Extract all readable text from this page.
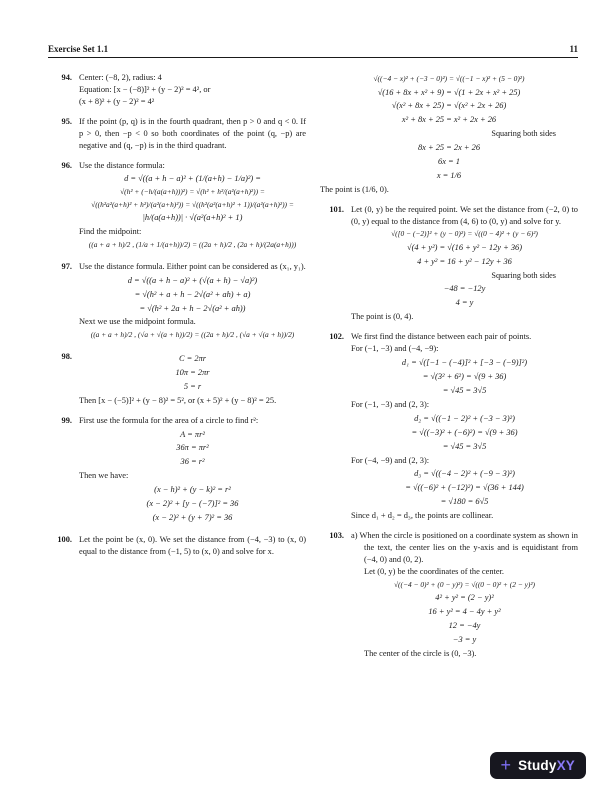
Exercise Set 1.1	11
94. Center: (−8, 2), radius: 4
Equation: [x − (−8)]² + (y − 2)² = 4², or
(x + 8)² + (y − 2)² = 4²
95. If the point (p, q) is in the fourth quadrant, then p > 0 and q < 0. If p > 0, then −p < 0 so both coordinates of the point (q, −p) are negative and (q, −p) is in the third quadrant.
96. Use the distance formula:
d = √((a + h − a)² + (1/(a+h) − 1/a)²) =
√(h² + (−h/(a(a+h)))²) = √(h² + h²/(a²(a+h)²)) =
√((h²a²(a+h)² + h²)/(a²(a+h)²)) = √((h²(a²(a+h)² + 1))/(a²(a+h)²)) =
|h/(a(a+h))| · √(a²(a+h)² + 1)
Find the midpoint:
((a + a + h)/2 , (1/a + 1/(a+h))/2) = ((2a + h)/2 , (2a + h)/(2a(a+h)))
97. Use the distance formula. Either point can be considered as (x₁, y₁).
d = √((a + h − a)² + (√(a + h) − √a)²)
= √(h² + a + h − 2√(a² + ah) + a)
= √(h² + 2a + h − 2√(a² + ah))
Next we use the midpoint formula.
((a + a + h)/2 , (√a + √(a + h))/2) = ((2a + h)/2 , (√a + √(a + h))/2)
98.	C = 2πr
10π = 2πr
5 = r
Then [x − (−5)]² + (y − 8)² = 5², or (x + 5)² + (y − 8)² = 25.
99. First use the formula for the area of a circle to find r²:
A = πr²
36π = πr²
36 = r²
Then we have:
(x − h)² + (y − k)² = r²
(x − 2)² + [y − (−7)]² = 36
(x − 2)² + (y + 7)² = 36
100. Let the point be (x, 0). We set the distance from (−4, −3) to (x, 0) equal to the distance from (−1, 5) to (x, 0) and solve for x.
√((−4 − x)² + (−3 − 0)²) = √((−1 − x)² + (5 − 0)²)
√(16 + 8x + x² + 9) = √(1 + 2x + x² + 25)
√(x² + 8x + 25) = √(x² + 2x + 26)
x² + 8x + 25 = x² + 2x + 26
Squaring both sides
8x + 25 = 2x + 26
6x = 1
x = 1/6
The point is (1/6, 0).
101. Let (0, y) be the required point. We set the distance from (−2, 0) to (0, y) equal to the distance from (4, 6) to (0, y) and solve for y.
√([0 − (−2)]² + (y − 0)²) = √((0 − 4)² + (y − 6)²)
√(4 + y²) = √(16 + y² − 12y + 36)
4 + y² = 16 + y² − 12y + 36
Squaring both sides
−48 = −12y
4 = y
The point is (0, 4).
102. We first find the distance between each pair of points.
For (−1, −3) and (−4, −9):
d₁ = √([−1 − (−4)]² + [−3 − (−9)]²)
= √(3² + 6²) = √(9 + 36)
= √45 = 3√5
For (−1, −3) and (2, 3):
d₂ = √((−1 − 2)² + (−3 − 3)²)
= √((−3)² + (−6)²) = √(9 + 36)
= √45 = 3√5
For (−4, −9) and (2, 3):
d₃ = √((−4 − 2)² + (−9 − 3)²)
= √((−6)² + (−12)²) = √(36 + 144)
= √180 = 6√5
Since d₁ + d₂ = d₃, the points are collinear.
103. a) When the circle is positioned on a coordinate system as shown in the text, the center lies on the y-axis and is equidistant from (−4, 0) and (0, 2).
Let (0, y) be the coordinates of the center.
√((−4 − 0)² + (0 − y)²) = √((0 − 0)² + (2 − y)²)
4² + y² = (2 − y)²
16 + y² = 4 − 4y + y²
12 = −4y
−3 = y
The center of the circle is (0, −3).
+ StudyXY
